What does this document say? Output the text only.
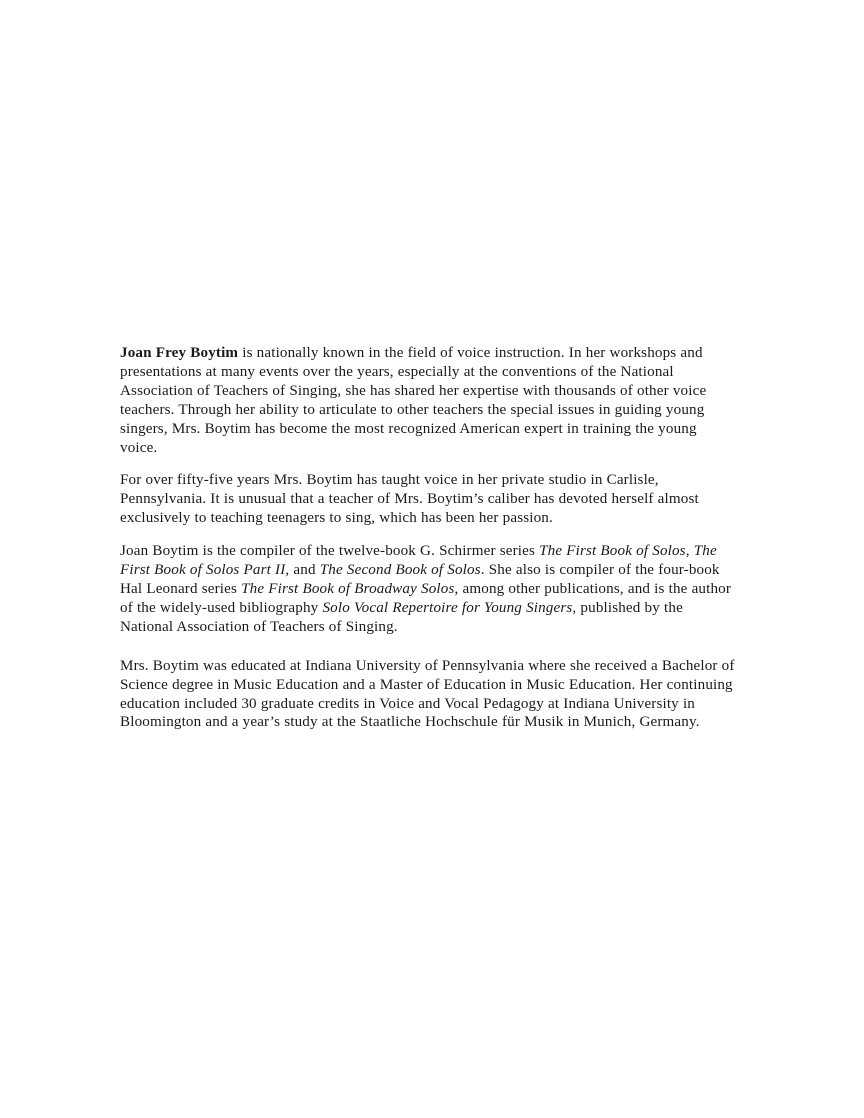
Joan Frey Boytim is nationally known in the field of voice instruction. In her workshops and presentations at many events over the years, especially at the conventions of the National Association of Teachers of Singing, she has shared her expertise with thousands of other voice teachers. Through her ability to articulate to other teachers the special issues in guiding young singers, Mrs. Boytim has become the most recognized American expert in training the young voice.

For over fifty-five years Mrs. Boytim has taught voice in her private studio in Carlisle, Pennsylvania. It is unusual that a teacher of Mrs. Boytim’s caliber has devoted herself almost exclusively to teaching teenagers to sing, which has been her passion.

Joan Boytim is the compiler of the twelve-book G. Schirmer series The First Book of Solos, The First Book of Solos Part II, and The Second Book of Solos. She also is compiler of the four-book Hal Leonard series The First Book of Broadway Solos, among other publications, and is the author of the widely-used bibliography Solo Vocal Repertoire for Young Singers, published by the National Association of Teachers of Singing.

Mrs. Boytim was educated at Indiana University of Pennsylvania where she received a Bachelor of Science degree in Music Education and a Master of Education in Music Education. Her continuing education included 30 graduate credits in Voice and Vocal Pedagogy at Indiana University in Bloomington and a year’s study at the Staatliche Hochschule für Musik in Munich, Germany.
